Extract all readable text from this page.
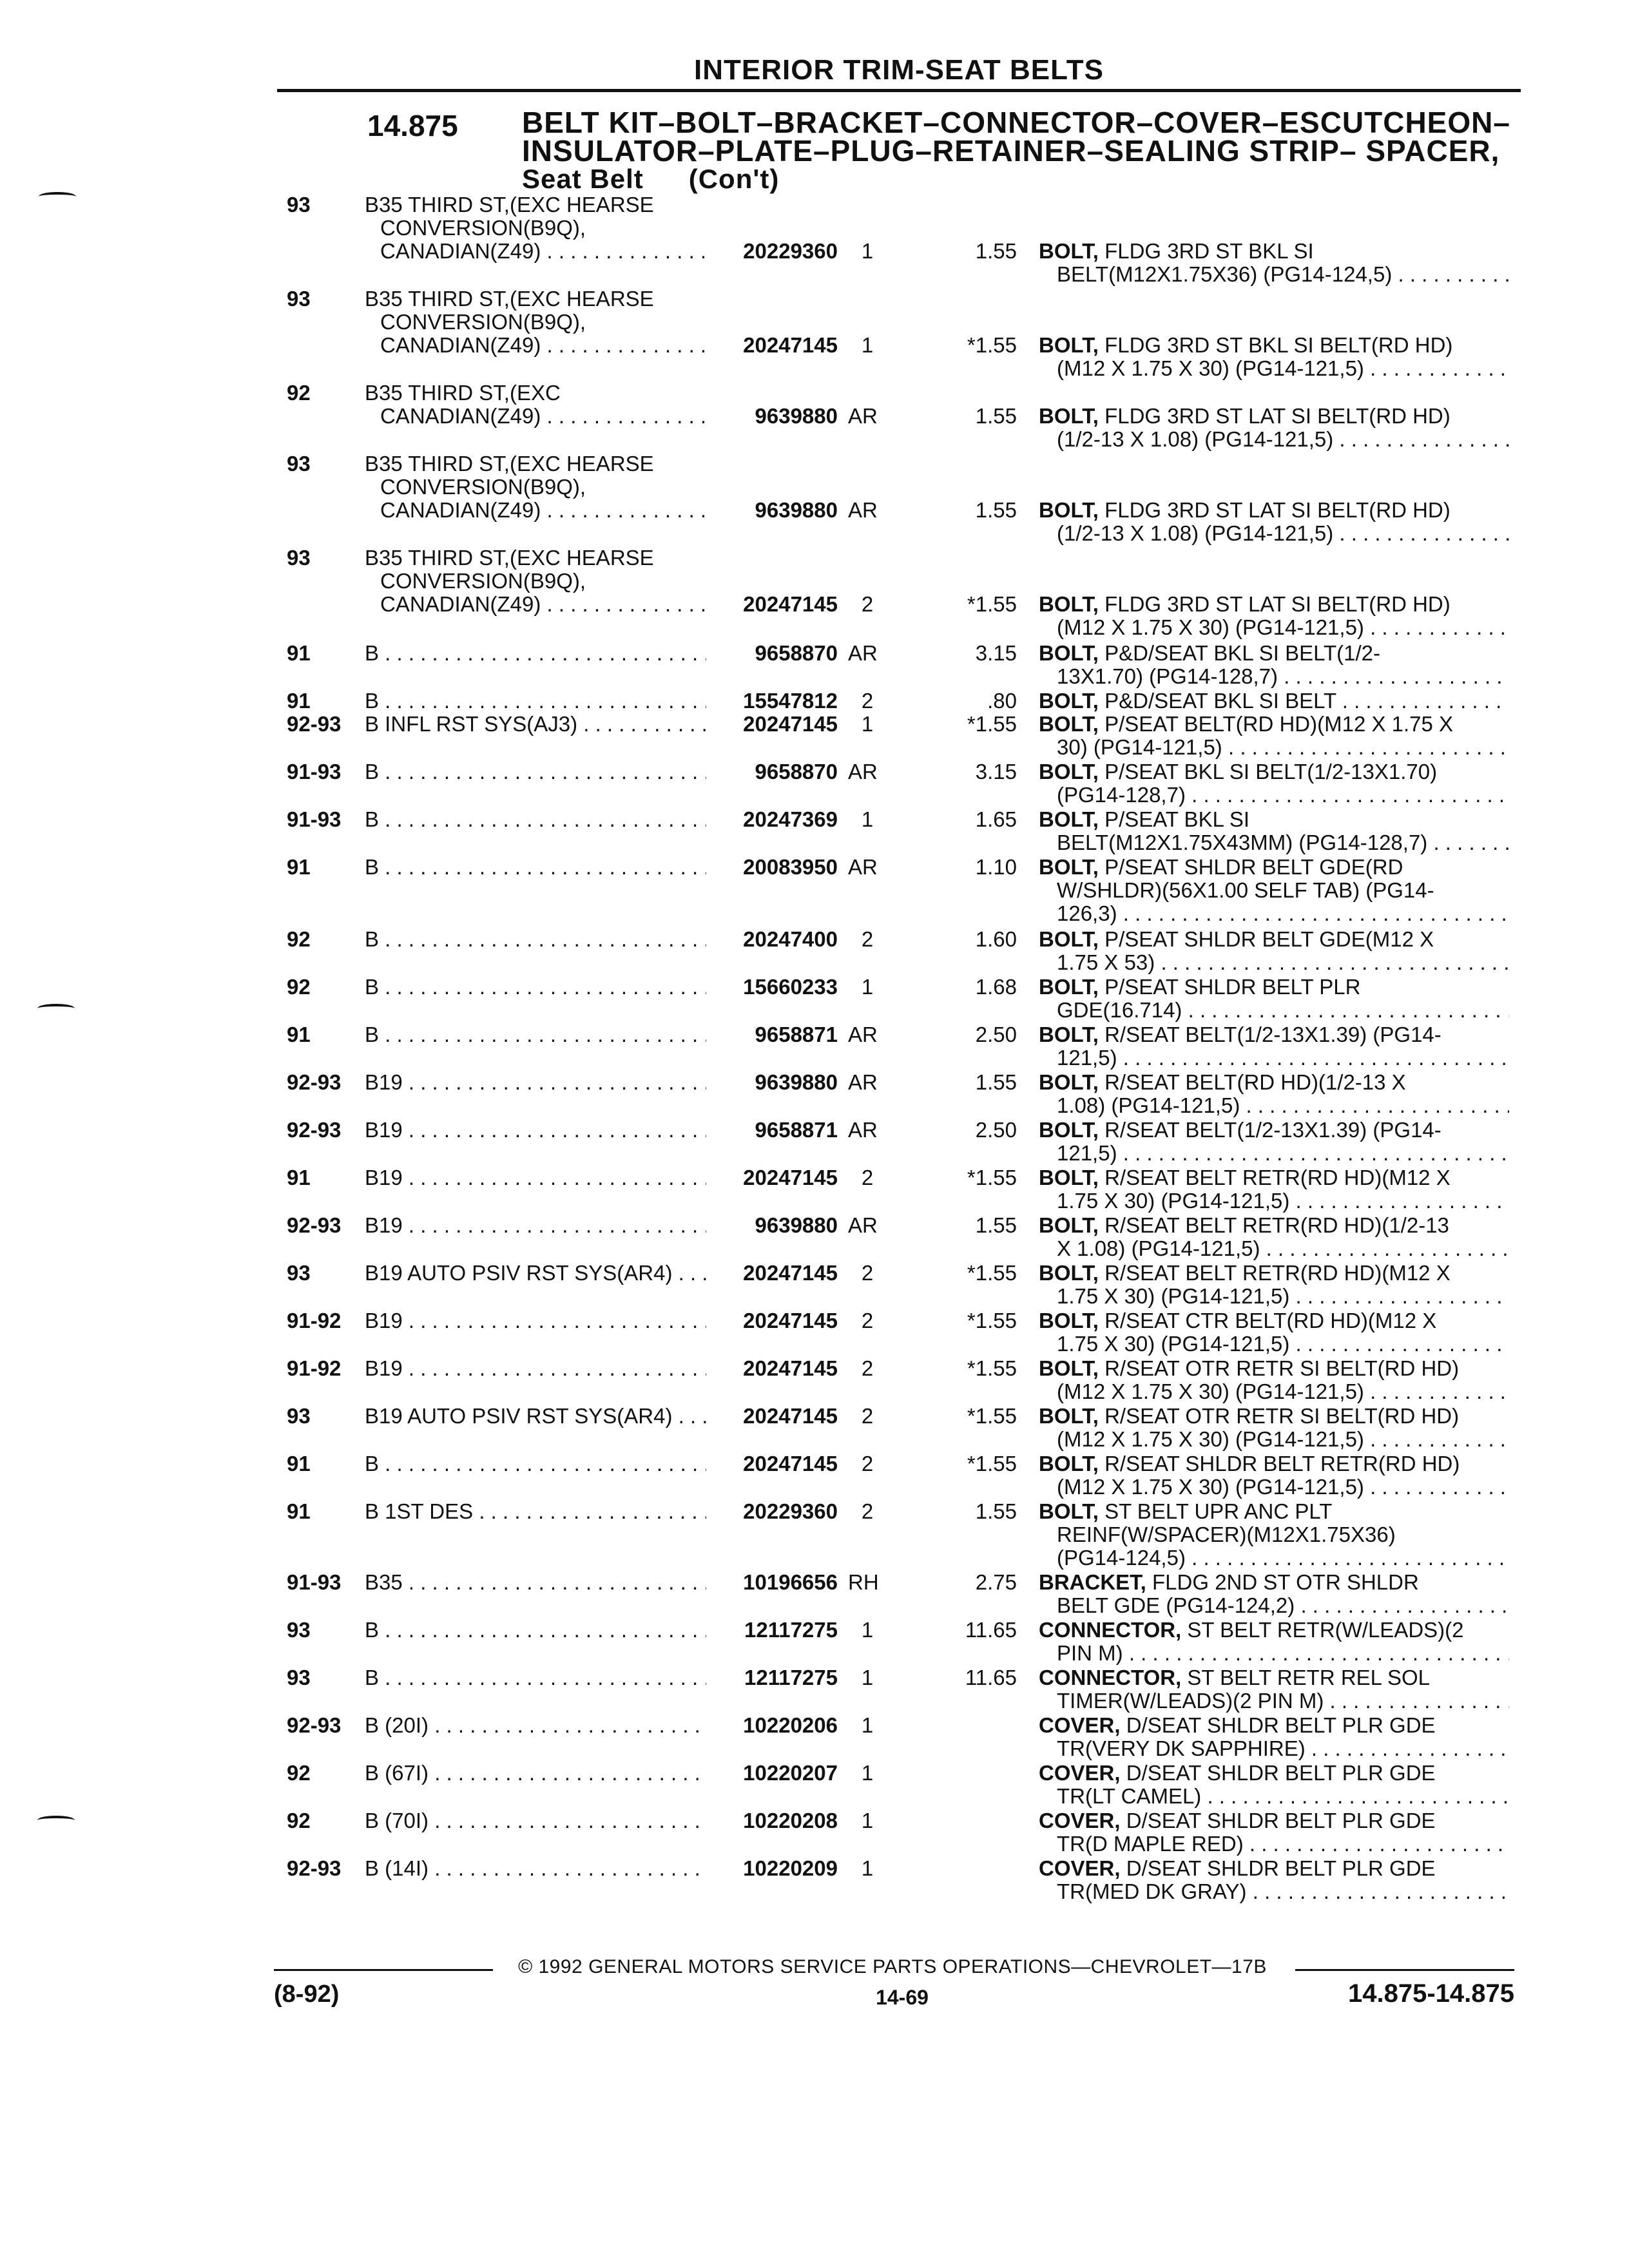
INTERIOR TRIM-SEAT BELTS
14.875 BELT KIT–BOLT–BRACKET–CONNECTOR–COVER–ESCUTCHEON–
INSULATOR–PLATE–PLUG–RETAINER–SEALING STRIP– SPACER,
Seat Belt (Con't)
93	B35 THIRD ST,(EXC HEARSE
CONVERSION(B9Q),
CANADIAN(Z49) . . .	20229360	1	1.55 BOLT, FLDG 3RD ST BKL SI
BELT(M12X1.75X36) (PG14-124,5) . . .
93	B35 THIRD ST,(EXC HEARSE
CONVERSION(B9Q),
CANADIAN(Z49) . . .	20247145	1	*1.55 BOLT, FLDG 3RD ST BKL SI BELT(RD HD)
(M12 X 1.75 X 30) (PG14-121,5) . . .
92	B35 THIRD ST,(EXC
CANADIAN(Z49) . . .	9639880 AR	1.55 BOLT, FLDG 3RD ST LAT SI BELT(RD HD)
(1/2-13 X 1.08) (PG14-121,5) . . .
93	B35 THIRD ST,(EXC HEARSE
CONVERSION(B9Q),
CANADIAN(Z49) . . .	9639880 AR	1.55 BOLT, FLDG 3RD ST LAT SI BELT(RD HD)
(1/2-13 X 1.08) (PG14-121,5) . . .
93	B35 THIRD ST,(EXC HEARSE
CONVERSION(B9Q),
CANADIAN(Z49) . . .	20247145	2	*1.55 BOLT, FLDG 3RD ST LAT SI BELT(RD HD)
(M12 X 1.75 X 30) (PG14-121,5) . . .
91	B . . .	9658870 AR	3.15 BOLT, P&D/SEAT BKL SI BELT(1/2-
13X1.70) (PG14-128,7) . . .
91	B . . .	15547812	2	.80 BOLT, P&D/SEAT BKL SI BELT . . .
92-93 B INFL RST SYS(AJ3) . . .	20247145	1	*1.55 BOLT, P/SEAT BELT(RD HD)(M12 X 1.75 X
30) (PG14-121,5) . . .
91-93 B . . .	9658870 AR	3.15 BOLT, P/SEAT BKL SI BELT(1/2-13X1.70)
(PG14-128,7) . . .
91-93 B . . .	20247369	1	1.65 BOLT, P/SEAT BKL SI
BELT(M12X1.75X43MM) (PG14-128,7) . . .
91	B . . .	20083950 AR	1.10 BOLT, P/SEAT SHLDR BELT GDE(RD
W/SHLDR)(56X1.00 SELF TAB) (PG14-
126,3) . . .
92	B . . .	20247400	2	1.60 BOLT, P/SEAT SHLDR BELT GDE(M12 X
1.75 X 53) . . .
92	B . . .	15660233	1	1.68 BOLT, P/SEAT SHLDR BELT PLR
GDE(16.714) . . .
91	B . . .	9658871 AR	2.50 BOLT, R/SEAT BELT(1/2-13X1.39) (PG14-
121,5) . . .
92-93 B19 . . .	9639880 AR	1.55 BOLT, R/SEAT BELT(RD HD)(1/2-13 X
1.08) (PG14-121,5) . . .
92-93 B19 . . .	9658871 AR	2.50 BOLT, R/SEAT BELT(1/2-13X1.39) (PG14-
121,5) . . .
91	B19 . . .	20247145	2	*1.55 BOLT, R/SEAT BELT RETR(RD HD)(M12 X
1.75 X 30) (PG14-121,5) . . .
92-93 B19 . . .	9639880 AR	1.55 BOLT, R/SEAT BELT RETR(RD HD)(1/2-13
X 1.08) (PG14-121,5) . . .
93	B19 AUTO PSIV RST SYS(AR4) . . .	20247145	2	*1.55 BOLT, R/SEAT BELT RETR(RD HD)(M12 X
1.75 X 30) (PG14-121,5) . . .
91-92 B19 . . .	20247145	2	*1.55 BOLT, R/SEAT CTR BELT(RD HD)(M12 X
1.75 X 30) (PG14-121,5) . . .
91-92 B19 . . .	20247145	2	*1.55 BOLT, R/SEAT OTR RETR SI BELT(RD HD)
(M12 X 1.75 X 30) (PG14-121,5) . . .
93	B19 AUTO PSIV RST SYS(AR4) . . .	20247145	2	*1.55 BOLT, R/SEAT OTR RETR SI BELT(RD HD)
(M12 X 1.75 X 30) (PG14-121,5) . . .
91	B . . .	20247145	2	*1.55 BOLT, R/SEAT SHLDR BELT RETR(RD HD)
(M12 X 1.75 X 30) (PG14-121,5) . . .
91	B 1ST DES . . .	20229360	2	1.55 BOLT, ST BELT UPR ANC PLT
REINF(W/SPACER)(M12X1.75X36)
(PG14-124,5) . . .
91-93 B35 . . .	10196656 RH	2.75 BRACKET, FLDG 2ND ST OTR SHLDR
BELT GDE (PG14-124,2) . . .
93	B . . .	12117275	1	11.65 CONNECTOR, ST BELT RETR(W/LEADS)(2
PIN M) . . .
93	B . . .	12117275	1	11.65 CONNECTOR, ST BELT RETR REL SOL
TIMER(W/LEADS)(2 PIN M) . . .
92-93 B (20I) . . .	10220206	1	COVER, D/SEAT SHLDR BELT PLR GDE
TR(VERY DK SAPPHIRE) . . .
92	B (67I) . . .	10220207	1	COVER, D/SEAT SHLDR BELT PLR GDE
TR(LT CAMEL) . . .
92	B (70I) . . .	10220208	1	COVER, D/SEAT SHLDR BELT PLR GDE
TR(D MAPLE RED) . . .
92-93 B (14I) . . .	10220209	1	COVER, D/SEAT SHLDR BELT PLR GDE
TR(MED DK GRAY) . . .
© 1992 GENERAL MOTORS SERVICE PARTS OPERATIONS—CHEVROLET—17B
(8-92)	14-69	14.875-14.875
